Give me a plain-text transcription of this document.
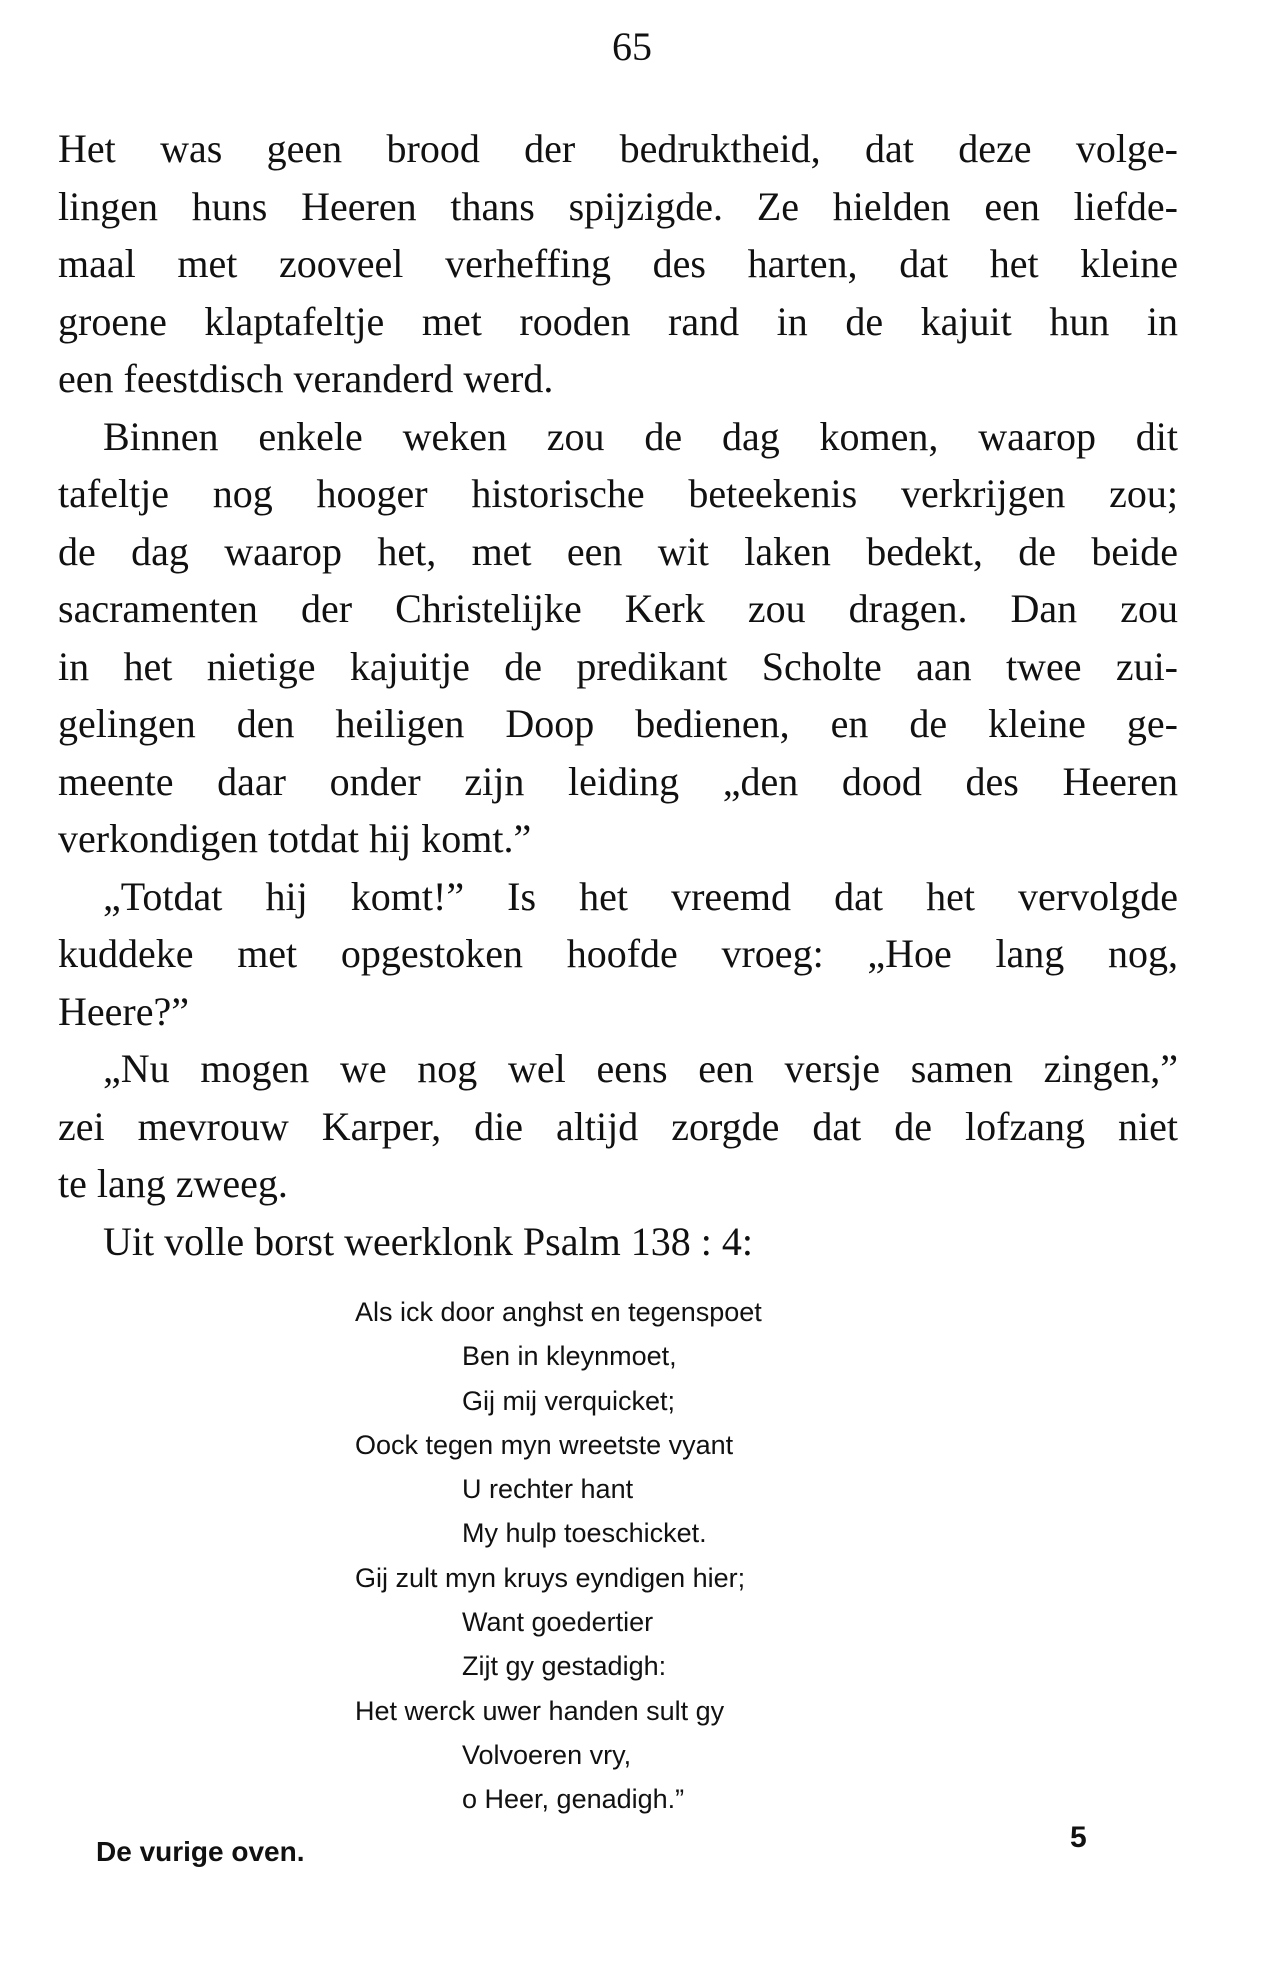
65
Het was geen brood der bedruktheid, dat deze volge-
lingen huns Heeren thans spijzigde. Ze hielden een liefde-
maal met zooveel verheffing des harten, dat het kleine
groene klaptafeltje met rooden rand in de kajuit hun in
een feestdisch veranderd werd.
Binnen enkele weken zou de dag komen, waarop dit
tafeltje nog hooger historische beteekenis verkrijgen zou;
de dag waarop het, met een wit laken bedekt, de beide
sacramenten der Christelijke Kerk zou dragen. Dan zou
in het nietige kajuitje de predikant Scholte aan twee zui-
gelingen den heiligen Doop bedienen, en de kleine ge-
meente daar onder zijn leiding „den dood des Heeren
verkondigen totdat hij komt.”
„Totdat hij komt!” Is het vreemd dat het vervolgde
kuddeke met opgestoken hoofde vroeg: „Hoe lang nog,
Heere?”
„Nu mogen we nog wel eens een versje samen zingen,”
zei mevrouw Karper, die altijd zorgde dat de lofzang niet
te lang zweeg.
Uit volle borst weerklonk Psalm 138 : 4:
Als ick door anghst en tegenspoet
Ben in kleynmoet,
Gij mij verquicket;
Oock tegen myn wreetste vyant
U rechter hant
My hulp toeschicket.
Gij zult myn kruys eyndigen hier;
Want goedertier
Zijt gy gestadigh:
Het werck uwer handen sult gy
Volvoeren vry,
o Heer, genadigh.”
De vurige oven.	5
